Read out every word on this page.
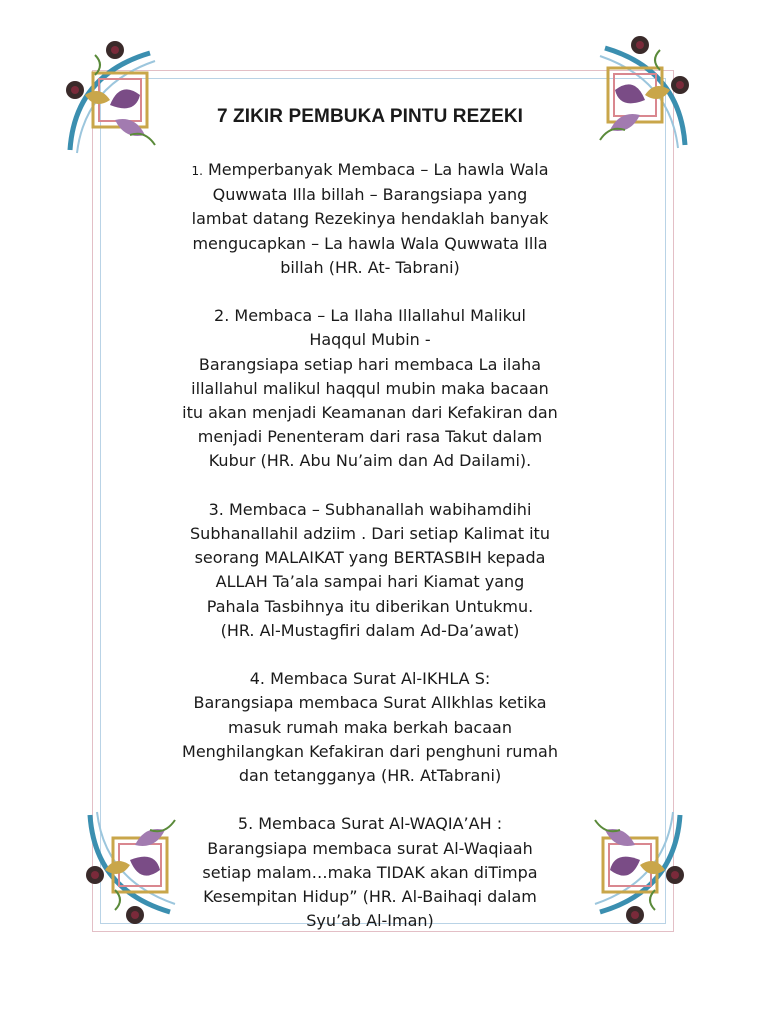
7 ZIKIR PEMBUKA PINTU REZEKI
1. Memperbanyak Membaca – La hawla Wala
Quwwata Illa billah – Barangsiapa yang
lambat datang Rezekinya hendaklah banyak
mengucapkan – La hawla Wala Quwwata Illa
billah (HR. At- Tabrani)
2. Membaca – La Ilaha Illallahul Malikul
Haqqul Mubin -
Barangsiapa setiap hari membaca La ilaha
illallahul malikul haqqul mubin maka bacaan
itu akan menjadi Keamanan dari Kefakiran dan
menjadi Penenteram dari rasa Takut dalam
Kubur (HR. Abu Nu’aim dan Ad Dailami).
3. Membaca – Subhanallah wabihamdihi
Subhanallahil adziim . Dari setiap Kalimat itu
seorang MALAIKAT yang BERTASBIH kepada
ALLAH Ta’ala sampai hari Kiamat yang
Pahala Tasbihnya itu diberikan Untukmu.
(HR. Al-Mustagfiri dalam Ad-Da’awat)
4. Membaca Surat Al-IKHLA S:
Barangsiapa membaca Surat AlIkhlas ketika
masuk rumah maka berkah bacaan
Menghilangkan Kefakiran dari penghuni rumah
dan tetangganya (HR. AtTabrani)
5. Membaca Surat Al-WAQIA’AH :
Barangsiapa membaca surat Al-Waqiaah
setiap malam…maka TIDAK akan diTimpa
Kesempitan Hidup” (HR. Al-Baihaqi dalam
Syu’ab Al-Iman)
